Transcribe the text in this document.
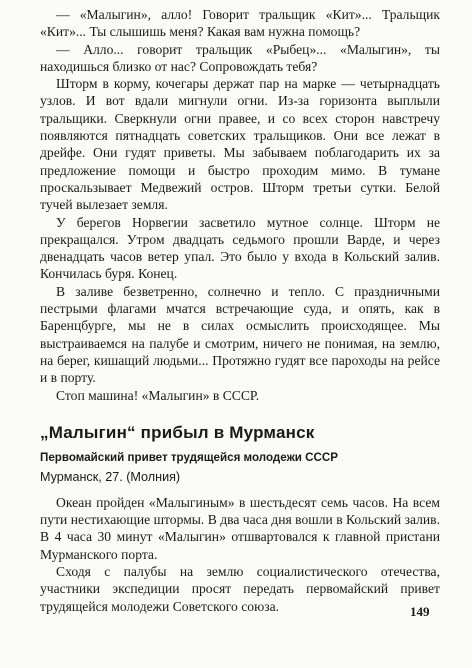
— «Малыгин», алло! Говорит тральщик «Кит»... Тральщик «Кит»... Ты слышишь меня? Какая вам нужна помощь?

— Алло... говорит тральщик «Рыбец»... «Малыгин», ты находишься близко от нас? Сопровождать тебя?

Шторм в корму, кочегары держат пар на марке — четырнадцать узлов. И вот вдали мигнули огни. Из-за горизонта выплыли тральщики. Сверкнули огни правее, и со всех сторон навстречу появляются пятнадцать советских тральщиков. Они все лежат в дрейфе. Они гудят приветы. Мы забываем поблагодарить их за предложение помощи и быстро проходим мимо. В тумане проскальзывает Медвежий остров. Шторм третьи сутки. Белой тучей вылезает земля.

У берегов Норвегии засветило мутное солнце. Шторм не прекращался. Утром двадцать седьмого прошли Варде, и через двенадцать часов ветер упал. Это было у входа в Кольский залив. Кончилась буря. Конец.

В заливе безветренно, солнечно и тепло. С праздничными пестрыми флагами мчатся встречающие суда, и опять, как в Баренцбурге, мы не в силах осмыслить происходящее. Мы выстраиваемся на палубе и смотрим, ничего не понимая, на землю, на берег, кишащий людьми... Протяжно гудят все пароходы на рейсе и в порту.

Стоп машина! «Малыгин» в СССР.

„Малыгин“ прибыл в Мурманск
Первомайский привет трудящейся молодежи СССР
Мурманск, 27. (Молния)

Океан пройден «Малыгиным» в шестьдесят семь часов. На всем пути нестихающие штормы. В два часа дня вошли в Кольский залив. В 4 часа 30 минут «Малыгин» отшвартовался к главной пристани Мурманского порта.

Сходя с палубы на землю социалистического отечества, участники экспедиции просят передать первомайский привет трудящейся молодежи Советского союза.	149
